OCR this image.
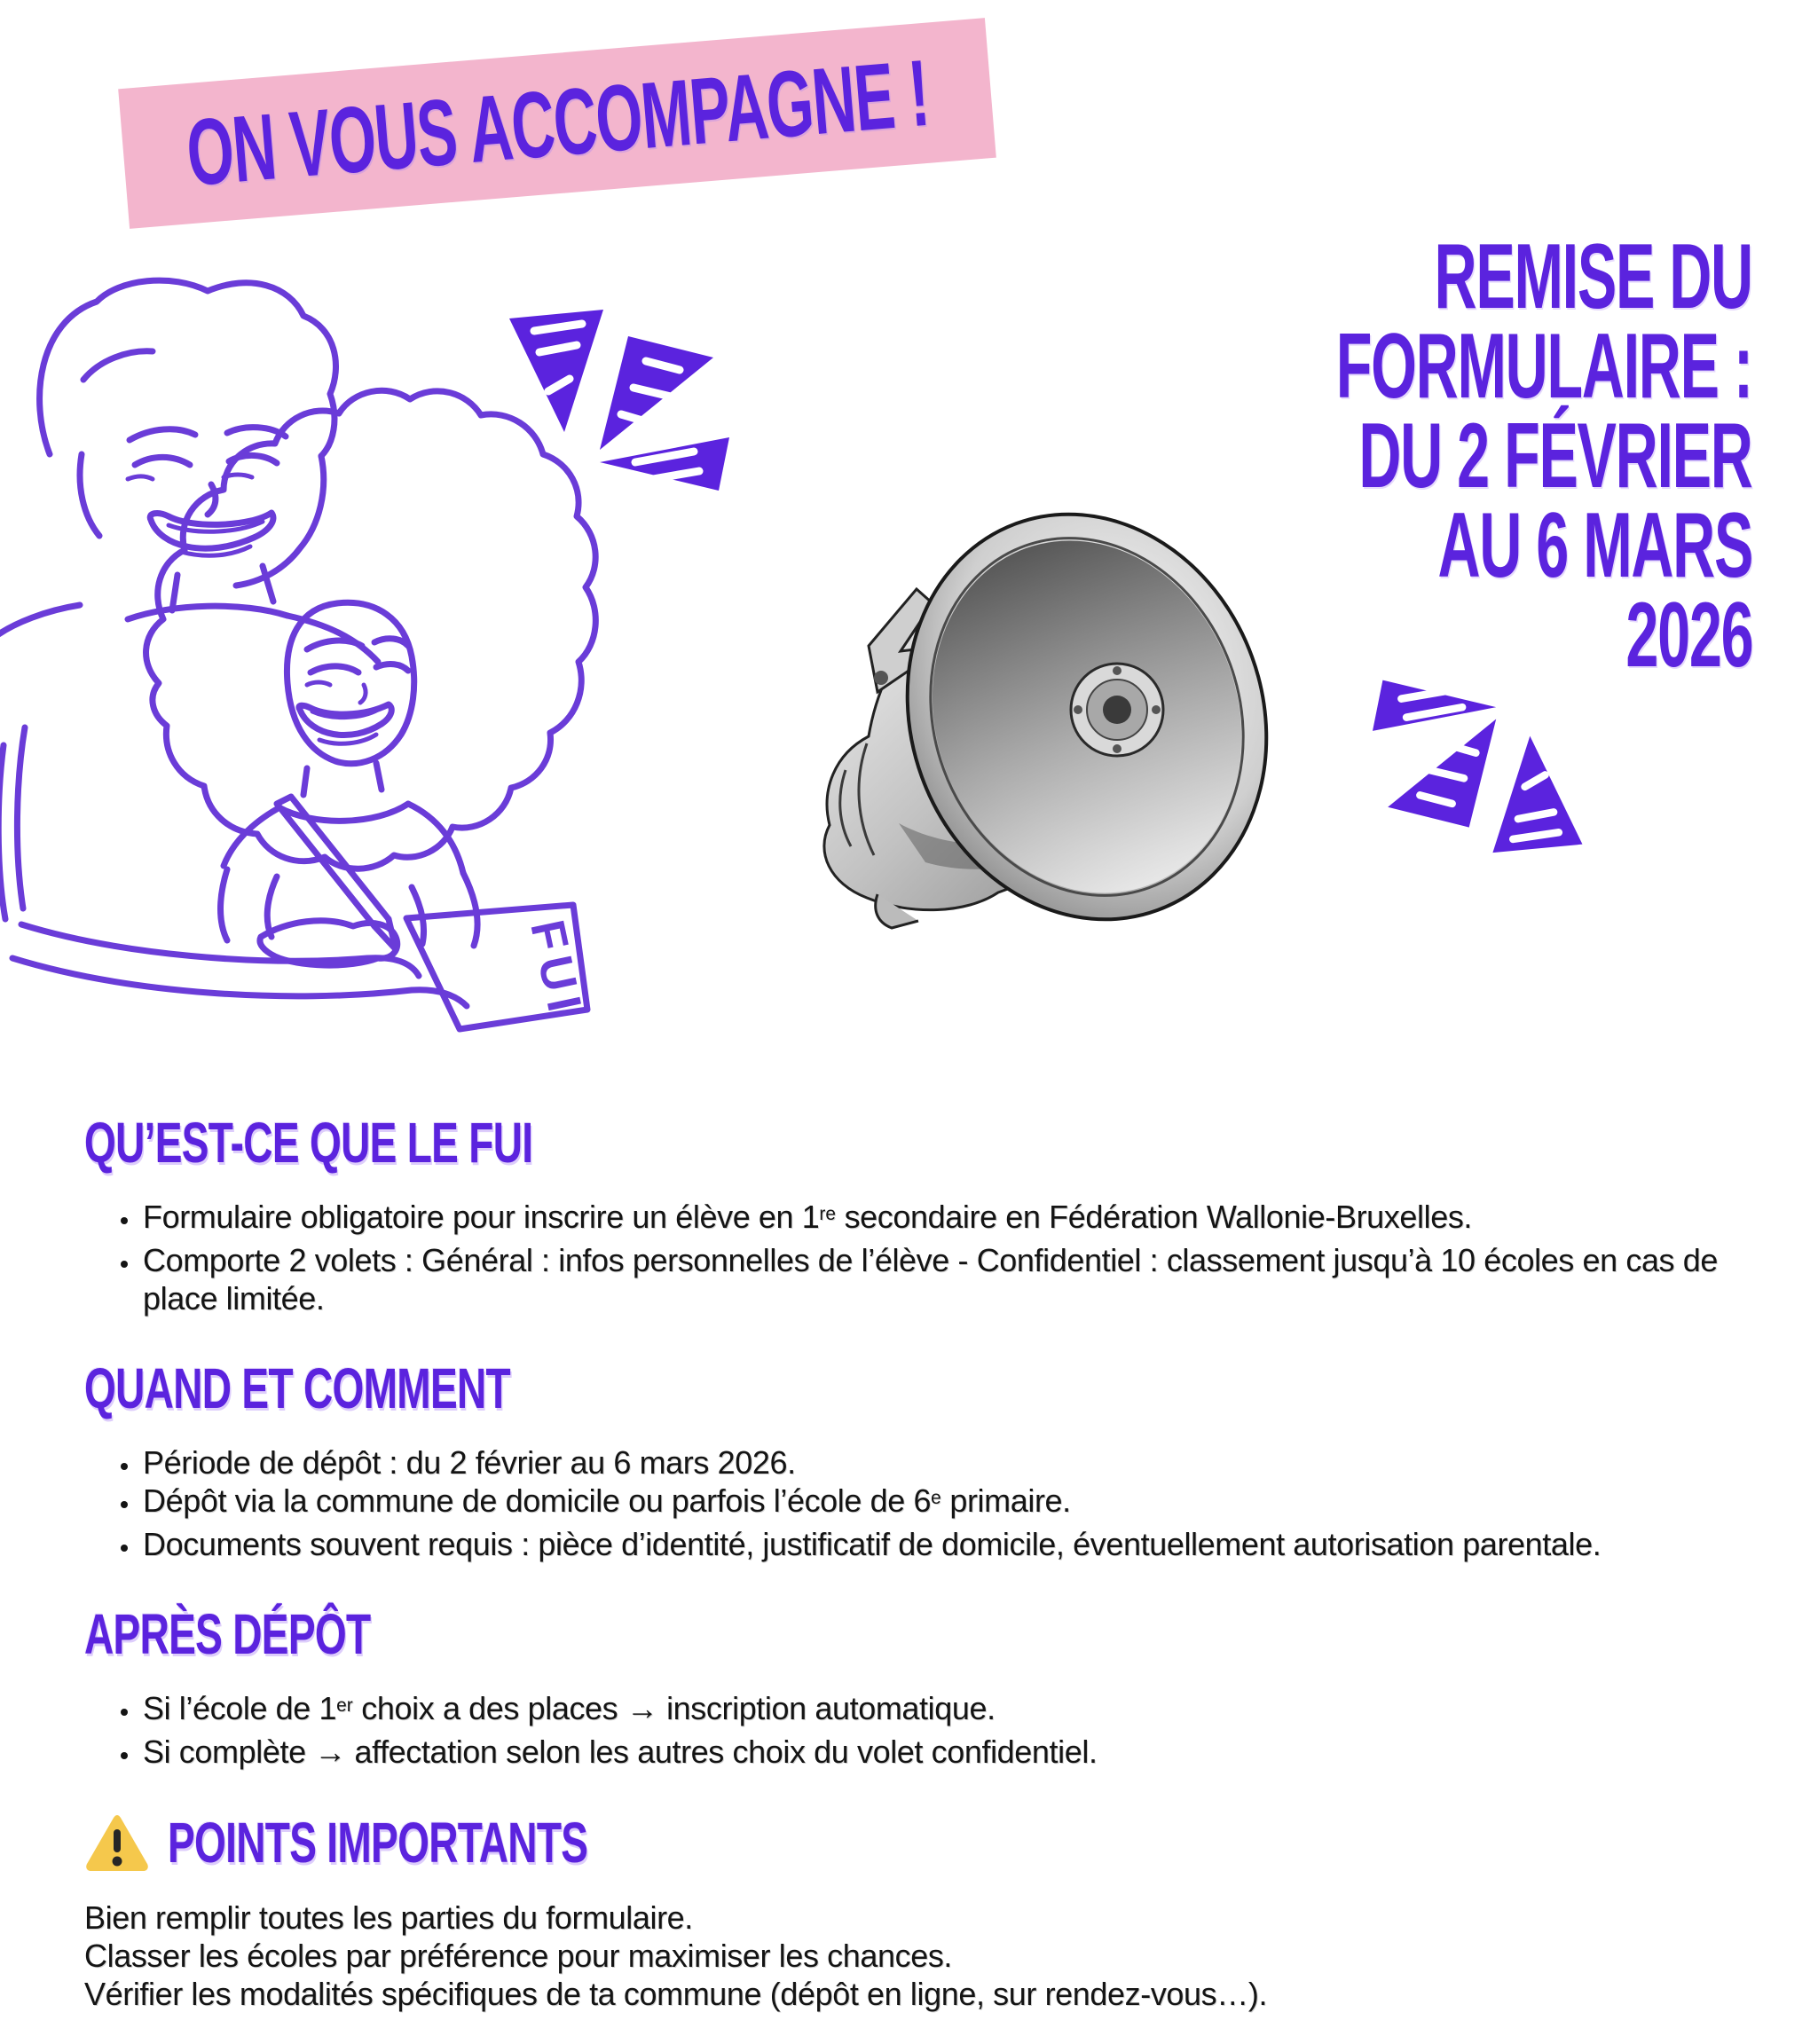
ON VOUS ACCOMPAGNE !
FUI
REMISE DU
FORMULAIRE :
DU 2 FÉVRIER
AU 6 MARS
2026
QU’EST-CE QUE LE FUI
• Formulaire obligatoire pour inscrire un élève en 1re secondaire en Fédération Wallonie-Bruxelles.
• Comporte 2 volets : Général : infos personnelles de l’élève - Confidentiel : classement jusqu’à 10 écoles en cas de place limitée.
QUAND ET COMMENT
• Période de dépôt : du 2 février au 6 mars 2026.
• Dépôt via la commune de domicile ou parfois l’école de 6e primaire.
• Documents souvent requis : pièce d’identité, justificatif de domicile, éventuellement autorisation parentale.
APRÈS DÉPÔT
• Si l’école de 1er choix a des places → inscription automatique.
• Si complète → affectation selon les autres choix du volet confidentiel.
POINTS IMPORTANTS

Bien remplir toutes les parties du formulaire.

Classer les écoles par préférence pour maximiser les chances.

Vérifier les modalités spécifiques de ta commune (dépôt en ligne, sur rendez-vous…).
